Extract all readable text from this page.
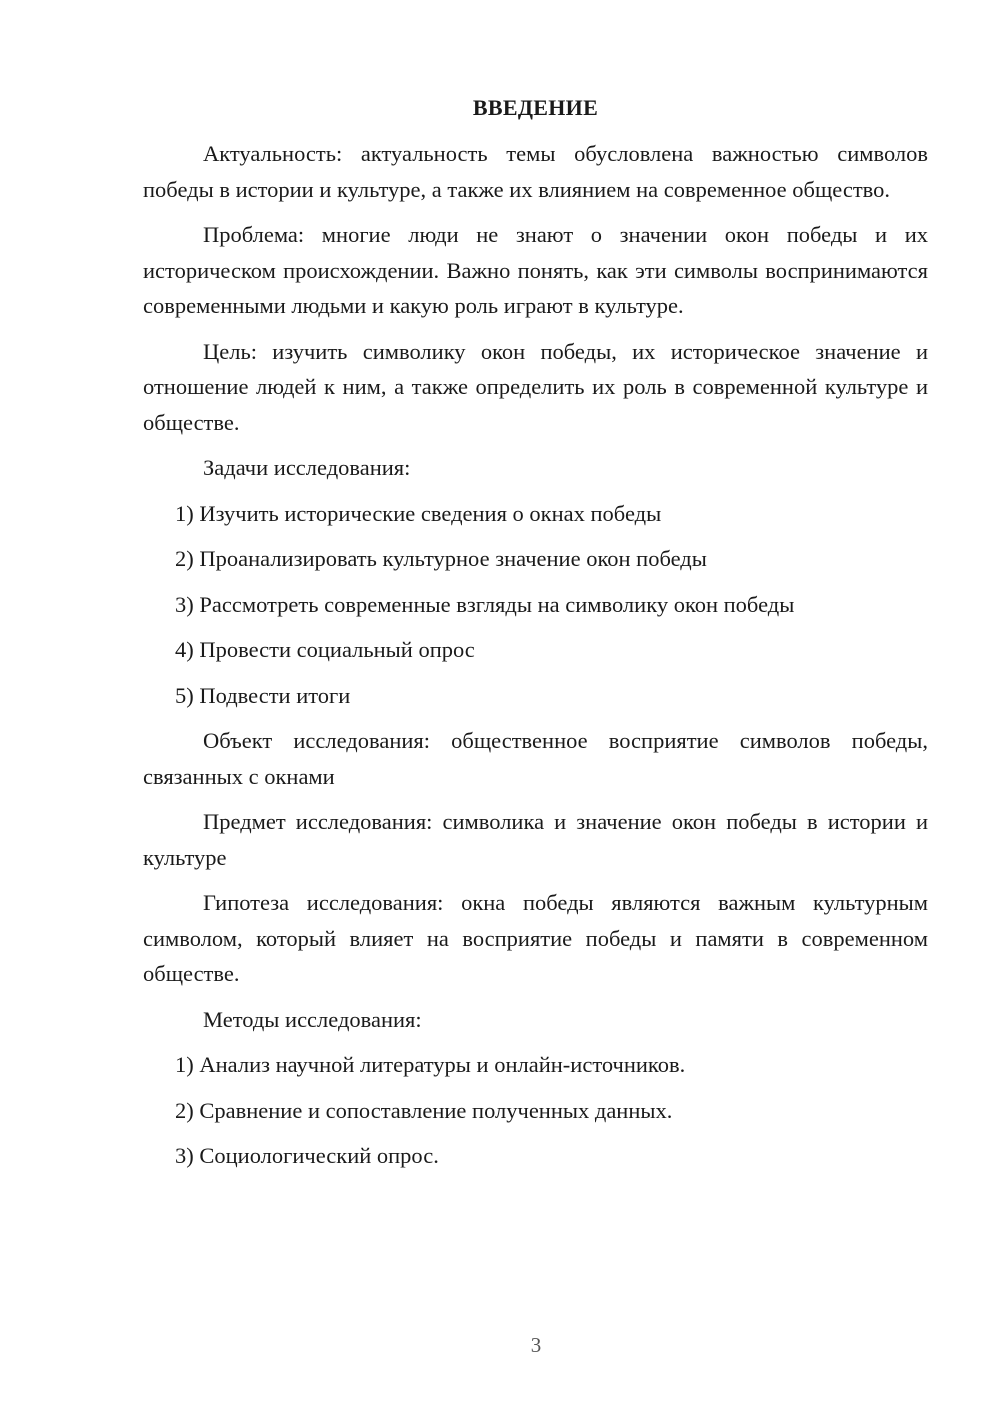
ВВЕДЕНИЕ

Актуальность: актуальность темы обусловлена важностью символов победы в истории и культуре, а также их влиянием на современное общество.

Проблема: многие люди не знают о значении окон победы и их историческом происхождении. Важно понять, как эти символы воспринимаются современными людьми и какую роль играют в культуре.

Цель: изучить символику окон победы, их историческое значение и отношение людей к ним, а также определить их роль в современной культуре и обществе.

Задачи исследования:

1) Изучить исторические сведения о окнах победы

2) Проанализировать культурное значение окон победы

3) Рассмотреть современные взгляды на символику окон победы

4) Провести социальный опрос

5) Подвести итоги

Объект исследования: общественное восприятие символов победы, связанных с окнами

Предмет исследования: символика и значение окон победы в истории и культуре

Гипотеза исследования: окна победы являются важным культурным символом, который влияет на восприятие победы и памяти в современном обществе.

Методы исследования:

1) Анализ научной литературы и онлайн-источников.

2) Сравнение и сопоставление полученных данных.

3) Социологический опрос.

3
